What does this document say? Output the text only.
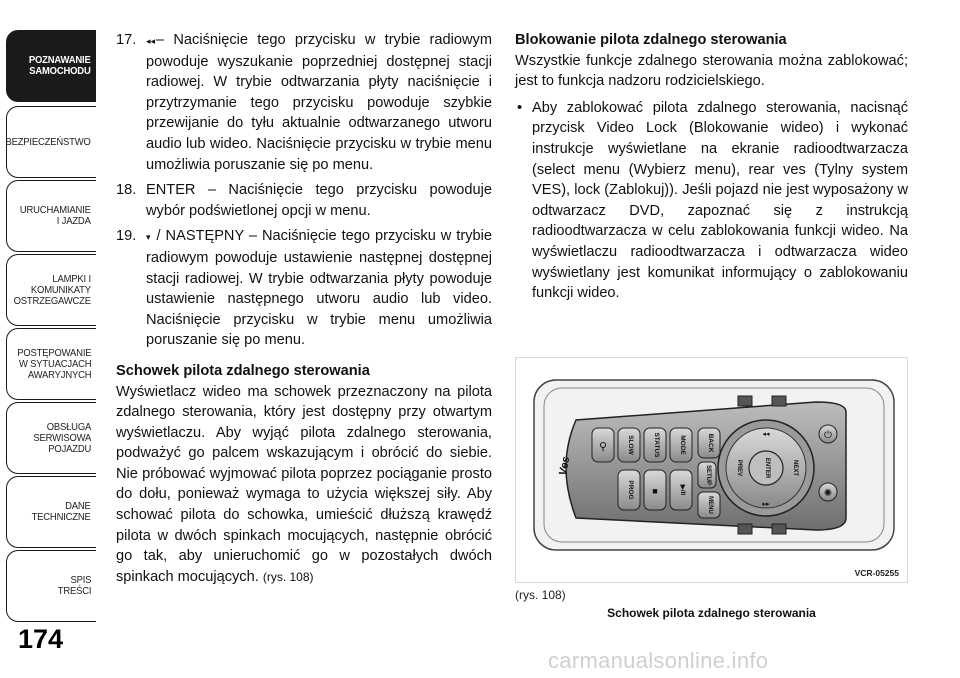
POZNAWANIE
SAMOCHODU
BEZPIECZEŃSTWO
URUCHAMIANIE
I JAZDA
LAMPKI I
KOMUNIKATY
OSTRZEGAWCZE
POSTĘPOWANIE
W SYTUACJACH
AWARYJNYCH
OBSŁUGA
SERWISOWA
POJAZDU
DANE
TECHNICZNE
SPIS
TREŚCI
174
17. ◂◂– Naciśnięcie tego przycisku w trybie radiowym powoduje wyszukanie poprzedniej dostępnej stacji radiowej. W trybie odtwarzania płyty naciśnięcie i przytrzymanie tego przycisku powoduje szybkie przewijanie do tyłu aktualnie odtwarzanego utworu audio lub wideo. Naciśnięcie przycisku w trybie menu umożliwia poruszanie się po menu.
18. ENTER – Naciśnięcie tego przycisku powoduje wybór podświetlonej opcji w menu.
19. ▾ / NASTĘPNY – Naciśnięcie tego przycisku w trybie radiowym powoduje ustawienie następnej dostępnej stacji radiowej. W trybie odtwarzania płyty powoduje ustawienie następnego utworu audio lub video. Naciśnięcie przycisku w trybie menu umożliwia poruszanie się po menu.
Schowek pilota zdalnego sterowania

Wyświetlacz wideo ma schowek przeznaczony na pilota zdalnego sterowania, który jest dostępny przy otwartym wyświetlaczu. Aby wyjąć pilota zdalnego sterowania, podważyć go palcem wskazującym i obrócić do siebie. Nie próbować wyjmować pilota poprzez pociąganie prosto do dołu, ponieważ wymaga to użycia większej siły. Aby schować pilota do schowka, umieścić dłuższą krawędź pilota w dwóch spinkach mocujących, następnie obrócić go tak, aby unieruchomić go w pozostałych dwóch spinkach mocujących. (rys. 108)

Blokowanie pilota zdalnego sterowania

Wszystkie funkcje zdalnego sterowania można zablokować; jest to funkcja nadzoru rodzicielskiego.

• Aby zablokować pilota zdalnego sterowania, nacisnąć przycisk Video Lock (Blokowanie wideo) i wykonać instrukcje wyświetlane na ekranie radioodtwarzacza (select menu (Wybierz menu), rear ves (Tylny system VES), lock (Zablokuj)). Jeśli pojazd nie jest wyposażony w odtwarzacz DVD, zapoznać się z instrukcją radioodtwarzacza w celu zablokowania funkcji wideo. Na wyświetlaczu radioodtwarzacza i odtwarzacza wideo wyświetlany jest komunikat informujący o zablokowaniu funkcji wideo.
Ves
⚲	SLOW	STATUS	MODE	BACK
PROG ■	▶/II
SETUP
MENU
ENTER
◂◂
▸▸
PREV	NEXT
⏻
✺
VCR-05255
(rys. 108)
Schowek pilota zdalnego sterowania
carmanualsonline.info
